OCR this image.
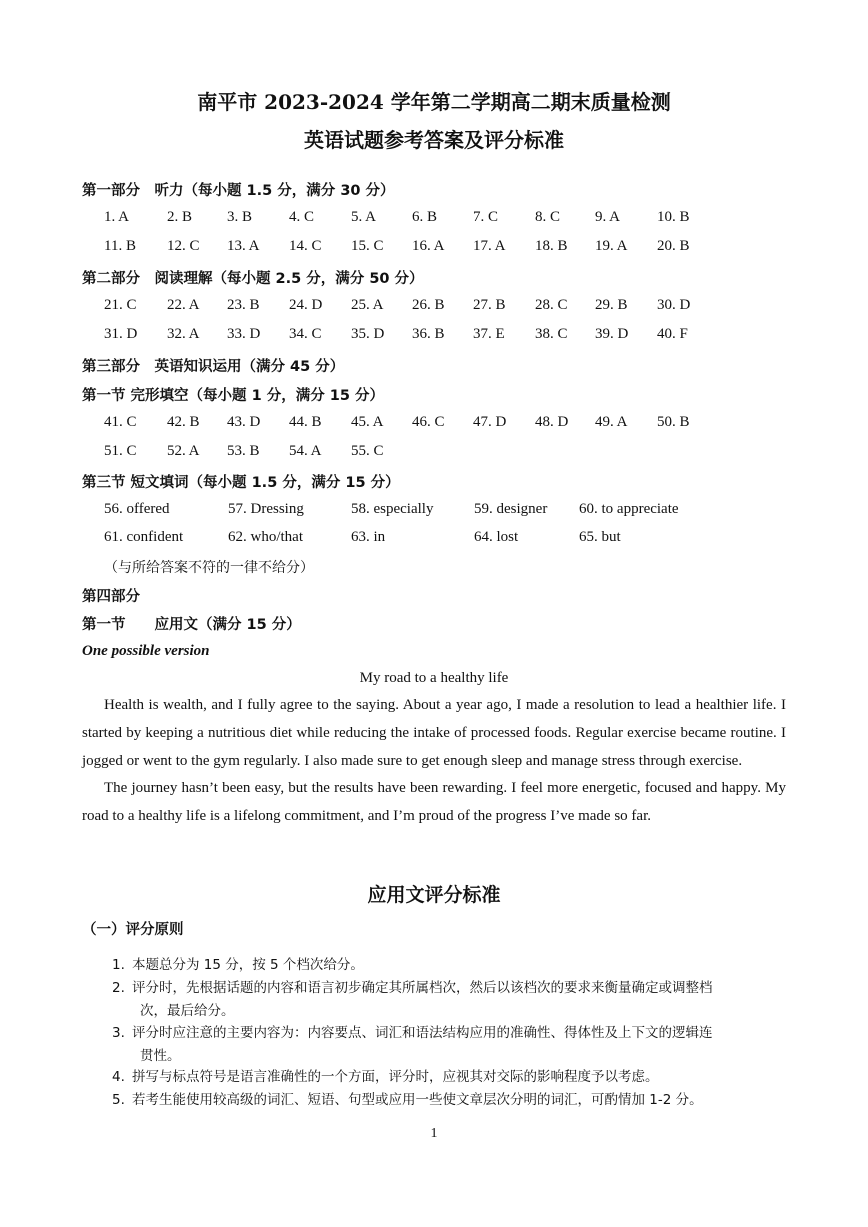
南平市 2023-2024 学年第二学期高二期末质量检测
英语试题参考答案及评分标准
第一部分　听力（每小题 1.5 分，满分 30 分）
1. A	2. B 3. B 4. C 5. A 6. B 7. C 8. C 9. A 10. B
11. B 12. C 13. A 14. C 15. C 16. A 17. A 18. B 19. A 20. B
第二部分　阅读理解（每小题 2.5 分，满分 50 分）
21. C 22. A 23. B 24. D 25. A 26. B 27. B 28. C 29. B 30. D
31. D 32. A 33. D 34. C 35. D 36. B 37. E 38. C 39. D 40. F
第三部分　英语知识运用（满分 45 分）
第一节 完形填空（每小题 1 分，满分 15 分）
41. C 42. B 43. D 44. B 45. A 46. C 47. D 48. D 49. A 50. B
51. C 52. A 53. B 54. A 55. C
第三节 短文填词（每小题 1.5 分，满分 15 分）
56. offered	57. Dressing	58. especially	59. designer 60. to appreciate
61. confident	62. who/that	63. in	64. lost	65. but
（与所给答案不符的一律不给分）
第四部分
第一节　　应用文（满分 15 分）
One possible version
My road to a healthy life
Health is wealth, and I fully agree to the saying. About a year ago, I made a resolution to lead a healthier life. I started by keeping a nutritious diet while reducing the intake of processed foods. Regular exercise became routine. I jogged or went to the gym regularly. I also made sure to get enough sleep and manage stress through exercise.
The journey hasn’t been easy, but the results have been rewarding. I feel more energetic, focused and happy. My road to a healthy life is a lifelong commitment, and I’m proud of the progress I’ve made so far.
应用文评分标准
（一）评分原则
1. 本题总分为 15 分，按 5 个档次给分。
2. 评分时，先根据话题的内容和语言初步确定其所属档次，然后以该档次的要求来衡量确定或调整档
次，最后给分。
3. 评分时应注意的主要内容为：内容要点、词汇和语法结构应用的准确性、得体性及上下文的逻辑连
贯性。
4. 拼写与标点符号是语言准确性的一个方面，评分时，应视其对交际的影响程度予以考虑。
5. 若考生能使用较高级的词汇、短语、句型或应用一些使文章层次分明的词汇，可酌情加 1-2 分。
1
